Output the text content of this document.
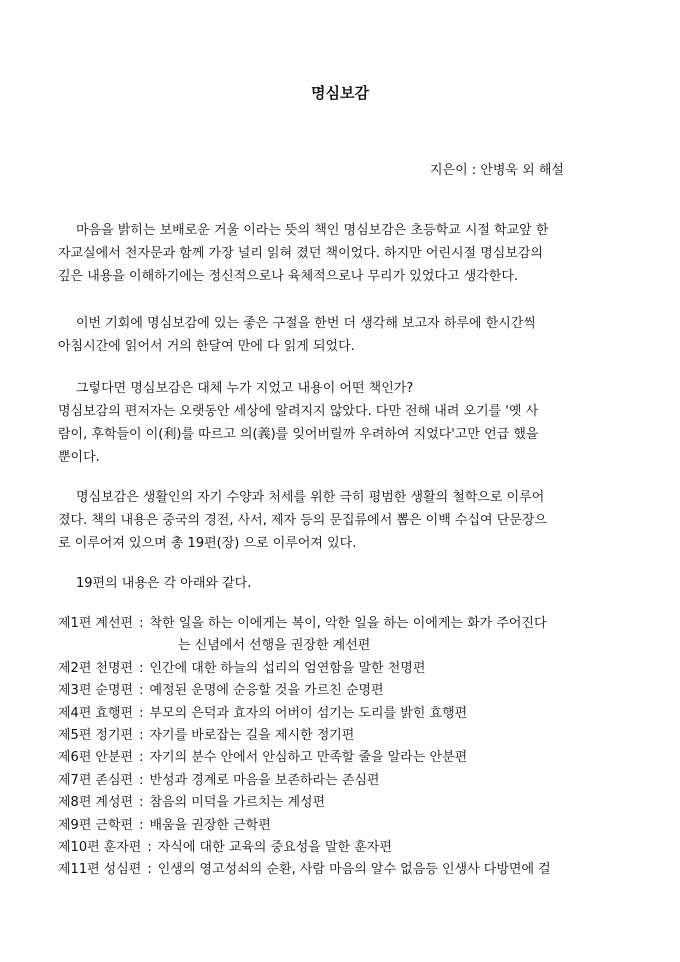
명심보감
지은이 : 안병욱 외 해설
마음을 밝히는 보배로운 거울 이라는 뜻의 책인 명심보감은 초등학교 시절 학교앞 한
자교실에서 천자문과 함께 가장 널리 읽혀 졌던 책이었다. 하지만 어린시절 명심보감의
깊은 내용을 이해하기에는 정신적으로나 육체적으로나 무리가 있었다고 생각한다.
이번 기회에 명심보감에 있는 좋은 구절을 한번 더 생각해 보고자 하루에 한시간씩
아침시간에 읽어서 거의 한달여 만에 다 읽게 되었다.
그렇다면 명심보감은 대체 누가 지었고 내용이 어떤 책인가?
명심보감의 편저자는 오랫동안 세상에 알려지지 않았다. 다만 전해 내려 오기를 '옛 사
람이, 후학들이 이(利)를 따르고 의(義)를 잊어버릴까 우려하여 지었다'고만 언급 했을
뿐이다.
명심보감은 생활인의 자기 수양과 처세를 위한 극히 평범한 생활의 철학으로 이루어
졌다. 책의 내용은 중국의 경전, 사서, 제자 등의 문집류에서 뽑은 이백 수십여 단문장으
로 이루어져 있으며 총 19편(장) 으로 이루어져 있다.
19편의 내용은 각 아래와 같다.
제1편 계선편 : 착한 일을 하는 이에게는 복이, 악한 일을 하는 이에게는 화가 주어진다
는 신념에서 선행을 권장한 계선편
제2편 천명편 : 인간에 대한 하늘의 섭리의 엄연함을 말한 천명편
제3편 순명편 : 예정된 운명에 순응할 것을 가르친 순명편
제4편 효행편 : 부모의 은덕과 효자의 어버이 섬기는 도리를 밝힌 효행편
제5편 정기편 : 자기를 바로잡는 길을 제시한 정기편
제6편 안분편 : 자기의 분수 안에서 안심하고 만족할 줄을 알라는 안분편
제7편 존심편 : 반성과 경계로 마음을 보존하라는 존심편
제8편 계성편 : 참음의 미덕을 가르치는 계성편
제9편 근학편 : 배움을 권장한 근학편
제10편 훈자편 : 자식에 대한 교육의 중요성을 말한 훈자편
제11편 성심편 : 인생의 영고성쇠의 순환, 사람 마음의 알수 없음등 인생사 다방면에 걸
